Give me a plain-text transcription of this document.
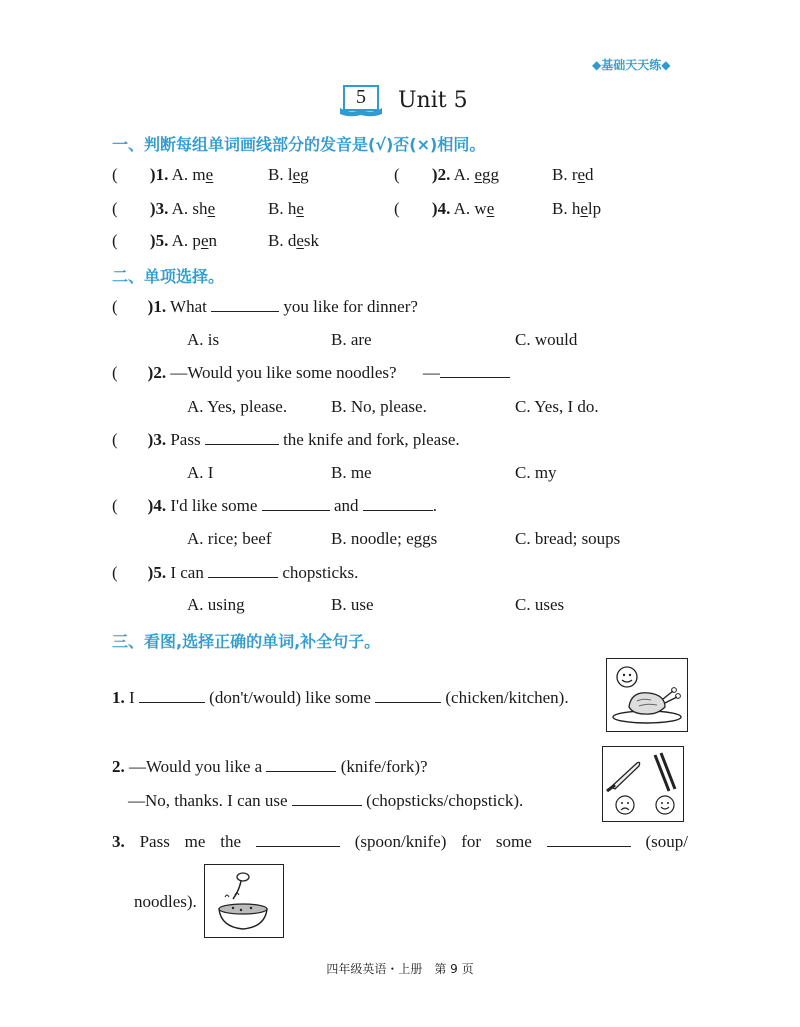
◆基础天天练◆
5 Unit 5
一、判断每组单词画线部分的发音是(√)否(×)相同。
( )1. A. me	B. leg	( )2. A. egg	B. red
( )3. A. she	B. he	( )4. A. we	B. help
( )5. A. pen	B. desk
二、单项选择。
( )1. What	you like for dinner?
A. is	B. are	C. would
( )2. —Would you like some noodles? —
A. Yes, please.	B. No, please.	C. Yes, I do.
( )3. Pass	the knife and fork, please.
A. I	B. me	C. my
( )4. I'd like some	and	.
A. rice; beef	B. noodle; eggs	C. bread; soups
( )5. I can	chopsticks.
A. using	B. use	C. uses
三、看图,选择正确的单词,补全句子。
1. I	(don't/would) like some	(chicken/kitchen).
2. —Would you like a	(knife/fork)?
—No, thanks. I can use	(chopsticks/chopstick).
3. Pass me the	(spoon/knife) for some	(soup/
noodles).
四年级英语・上册　第 9 页
